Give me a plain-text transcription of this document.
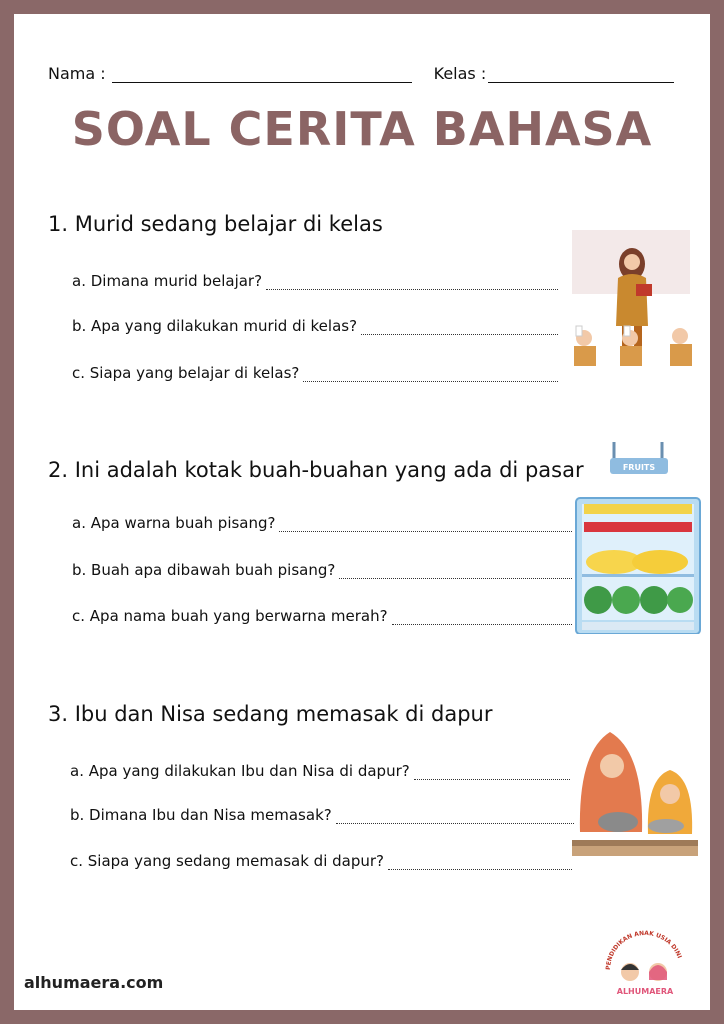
Nama :	Kelas :
SOAL CERITA BAHASA
1. Murid sedang belajar di kelas
a. Dimana murid belajar?
b. Apa yang dilakukan murid di kelas?
c. Siapa yang belajar di kelas?
2. Ini adalah kotak buah-buahan yang ada di pasar
a. Apa warna buah pisang?
b. Buah apa dibawah buah pisang?
c. Apa nama buah yang berwarna merah?
FRUITS
3. Ibu dan Nisa sedang memasak di dapur
a. Apa yang dilakukan Ibu dan Nisa di dapur?
b. Dimana Ibu dan Nisa memasak?
c. Siapa yang sedang memasak di dapur?
alhumaera.com
PENDIDIKAN ANAK USIA DINI
ALHUMAERA
